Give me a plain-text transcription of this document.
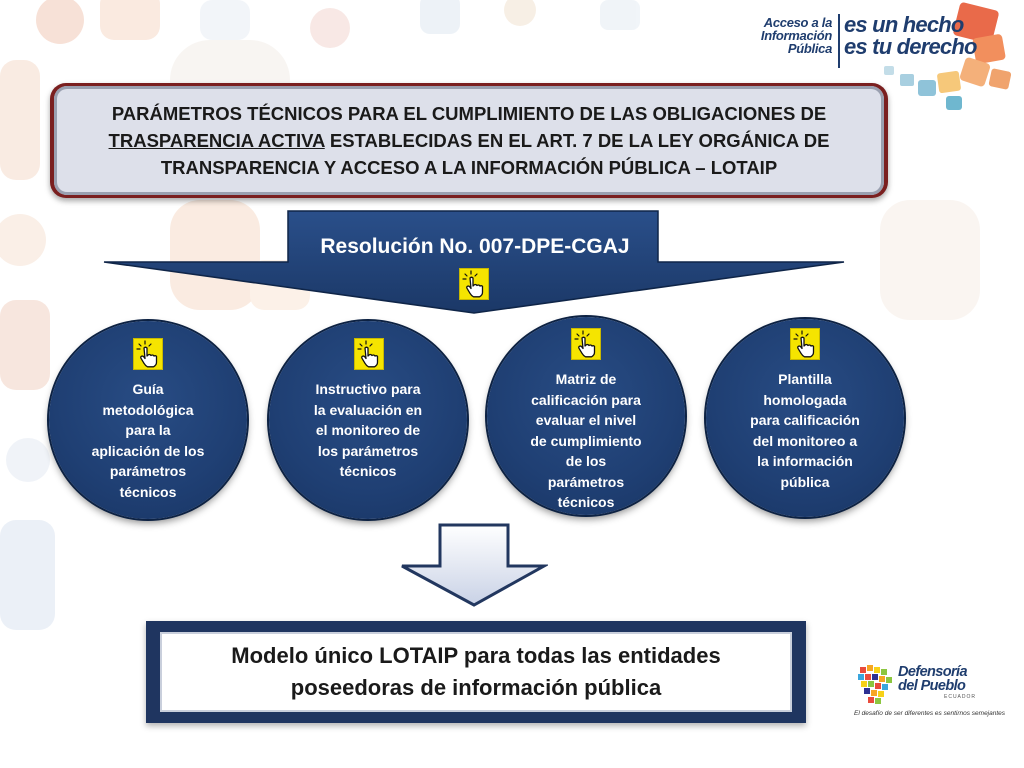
Acceso a la
Información
Pública
es un hecho
es tu derecho
PARÁMETROS TÉCNICOS PARA EL CUMPLIMIENTO DE LAS OBLIGACIONES DE
TRASPARENCIA ACTIVA ESTABLECIDAS EN EL ART. 7 DE LA LEY ORGÁNICA DE
TRANSPARENCIA Y ACCESO A LA INFORMACIÓN PÚBLICA – LOTAIP
Resolución No. 007-DPE-CGAJ
Guía
metodológica
para la
aplicación de los
parámetros
técnicos
Instructivo para
la evaluación en
el monitoreo de
los parámetros
técnicos
Matriz de
calificación para
evaluar el nivel
de cumplimiento
de los
parámetros
técnicos
Plantilla
homologada
para calificación
del monitoreo a
la información
pública
Modelo único LOTAIP para todas las entidades
poseedoras de información pública
Defensoría
del Pueblo
ECUADOR
El desafío de ser diferentes es sentirnos semejantes
